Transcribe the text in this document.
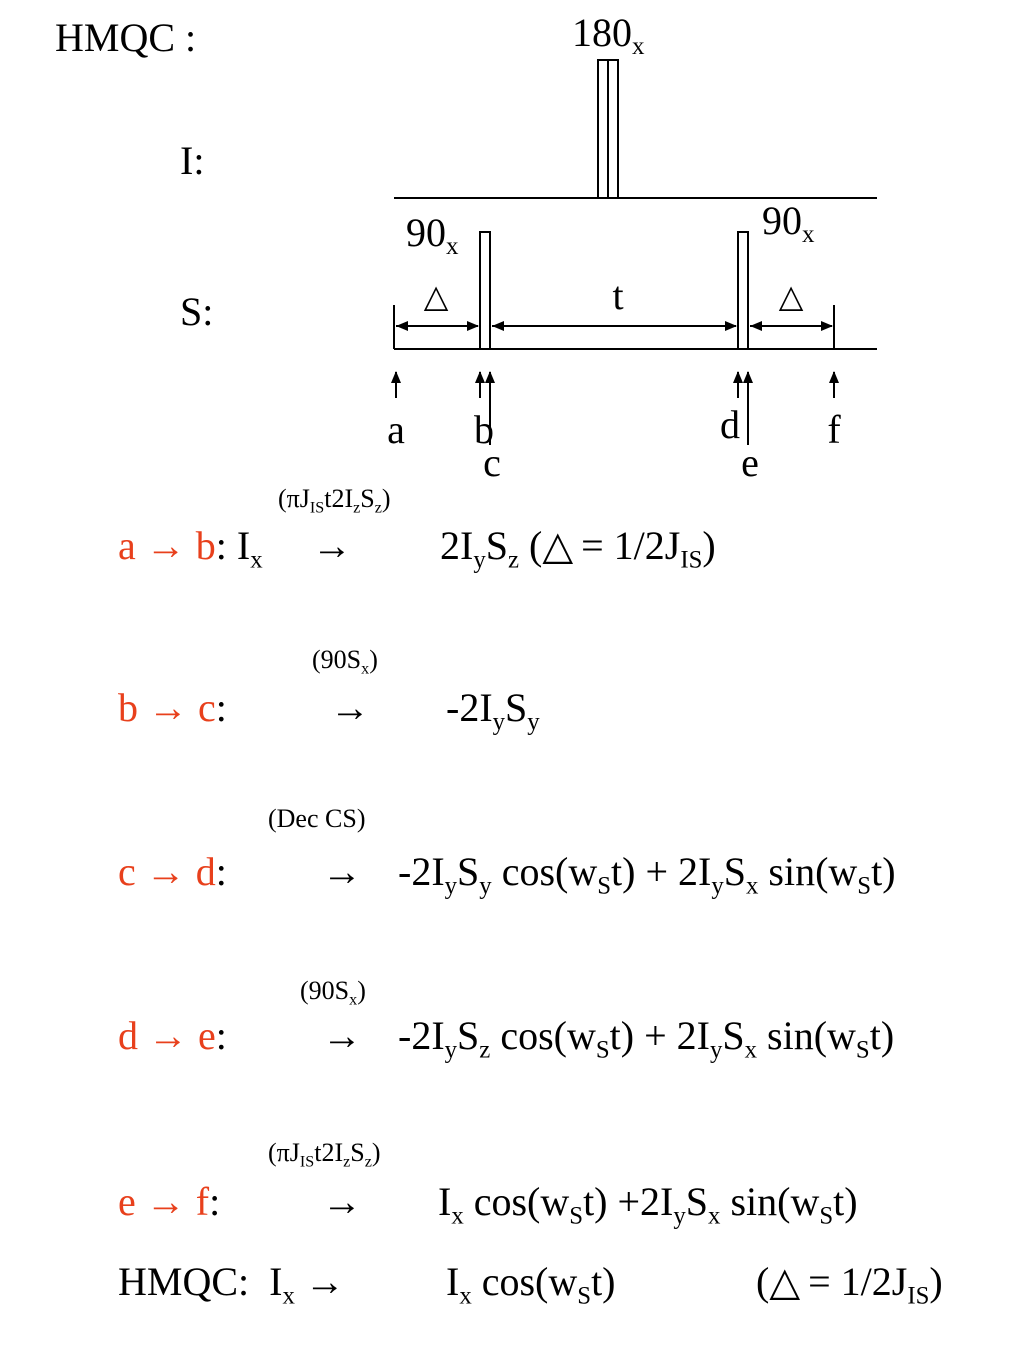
HMQC :
I:
S:
$180_x$
$90_x$
$90_x$
△	t	△
a b
c
d
e
f
$(\pi J_{IS}t2I_zS_z)$
a → b: $I_x \to 2I_yS_z$ (△ = $1/2J_{IS}$)
$(90S_x)$
b → c:	→ $-2I_yS_y$
(Dec CS)
c → d: → $-2I_yS_y$ $\cos(w_St) + 2I_yS_x$ $\sin(w_St)$
$(90S_x)$
d → e: → $-2I_yS_z$ $\cos(w_St) + 2I_yS_x$ $\sin(w_St)$
$(\pi J_{IS}t2I_zS_z)$
e → f:	→ $I_x$ $\cos(w_St) +2I_yS_x$ $\sin(w_St)$
HMQC:  $I_x$ →	$I_x$ $\cos(w_St)$	(△ = $1/2J_{IS}$)
